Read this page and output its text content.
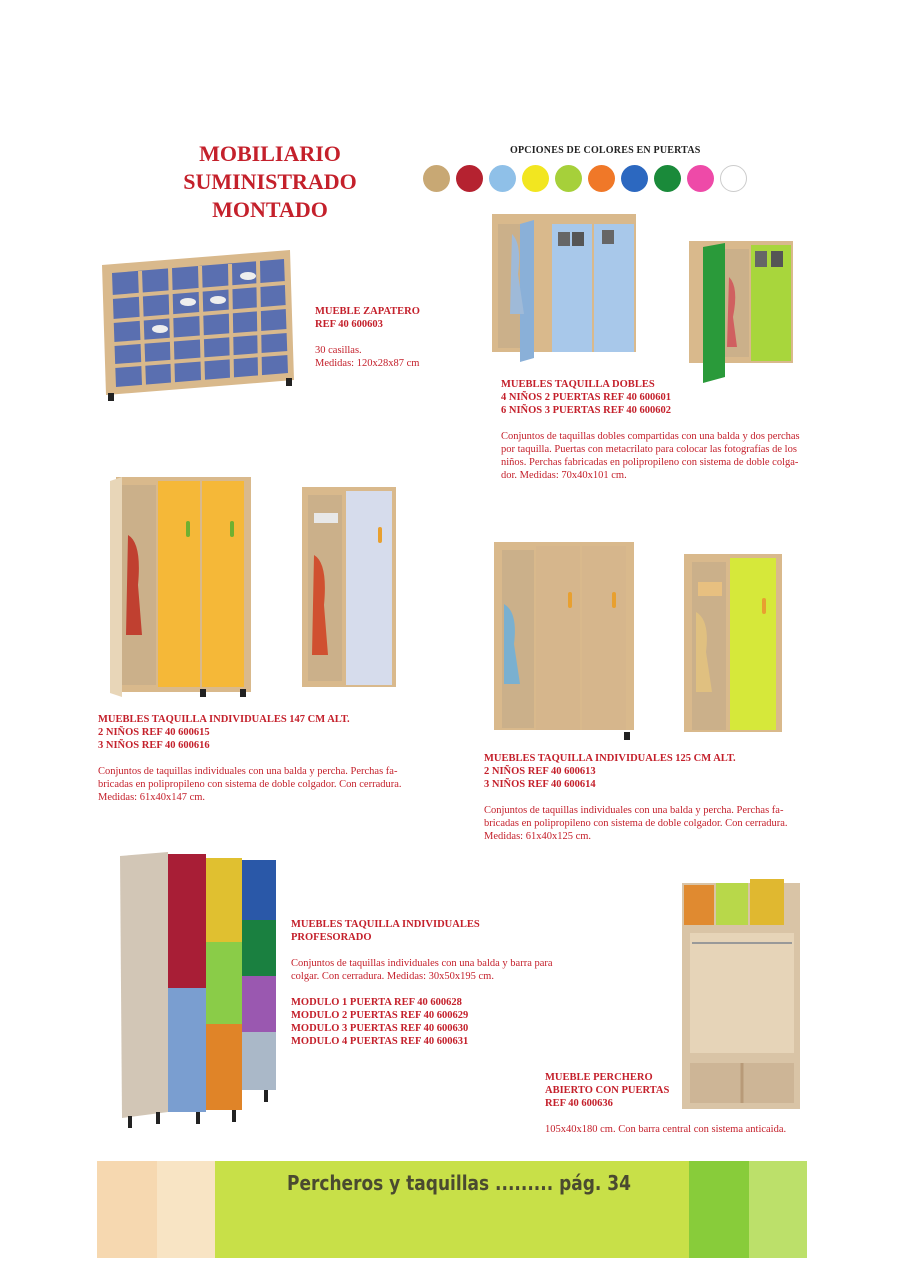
MOBILIARIO
SUMINISTRADO
MONTADO
OPCIONES DE COLORES EN PUERTAS

MUEBLE ZAPATERO

REF 40 600603

30 casillas.

Medidas: 120x28x87 cm

MUEBLES TAQUILLA DOBLES

4 NIÑOS 2 PUERTAS REF 40 600601

6 NIÑOS 3 PUERTAS REF 40 600602

Conjuntos de taquillas dobles compartidas con una balda y dos perchas

por taquilla. Puertas con metacrilato para colocar las fotografías de los

niños. Perchas fabricadas en polipropileno con sistema de doble colga-

dor. Medidas: 70x40x101 cm.

MUEBLES TAQUILLA INDIVIDUALES 147 CM ALT.

2 NIÑOS REF 40 600615

3 NIÑOS REF 40 600616

Conjuntos de taquillas individuales con una balda y percha. Perchas fa-

bricadas en polipropileno con sistema de doble colgador. Con cerradura.

Medidas: 61x40x147 cm.

MUEBLES TAQUILLA INDIVIDUALES 125 CM ALT.

2 NIÑOS REF 40 600613

3 NIÑOS REF 40 600614

Conjuntos de taquillas individuales con una balda y percha. Perchas fa-

bricadas en polipropileno con sistema de doble colgador. Con cerradura.

Medidas: 61x40x125 cm.

MUEBLES TAQUILLA INDIVIDUALES

PROFESORADO

Conjuntos de taquillas individuales con una balda y barra para

colgar. Con cerradura. Medidas: 30x50x195 cm.

MODULO 1 PUERTA REF 40 600628

MODULO 2 PUERTAS REF 40 600629

MODULO 3 PUERTAS REF 40 600630

MODULO 4 PUERTAS REF 40 600631

MUEBLE PERCHERO

ABIERTO CON PUERTAS

REF 40 600636

105x40x180 cm. Con barra central con sistema anticaida.

Percheros y taquillas ......... pág. 34
